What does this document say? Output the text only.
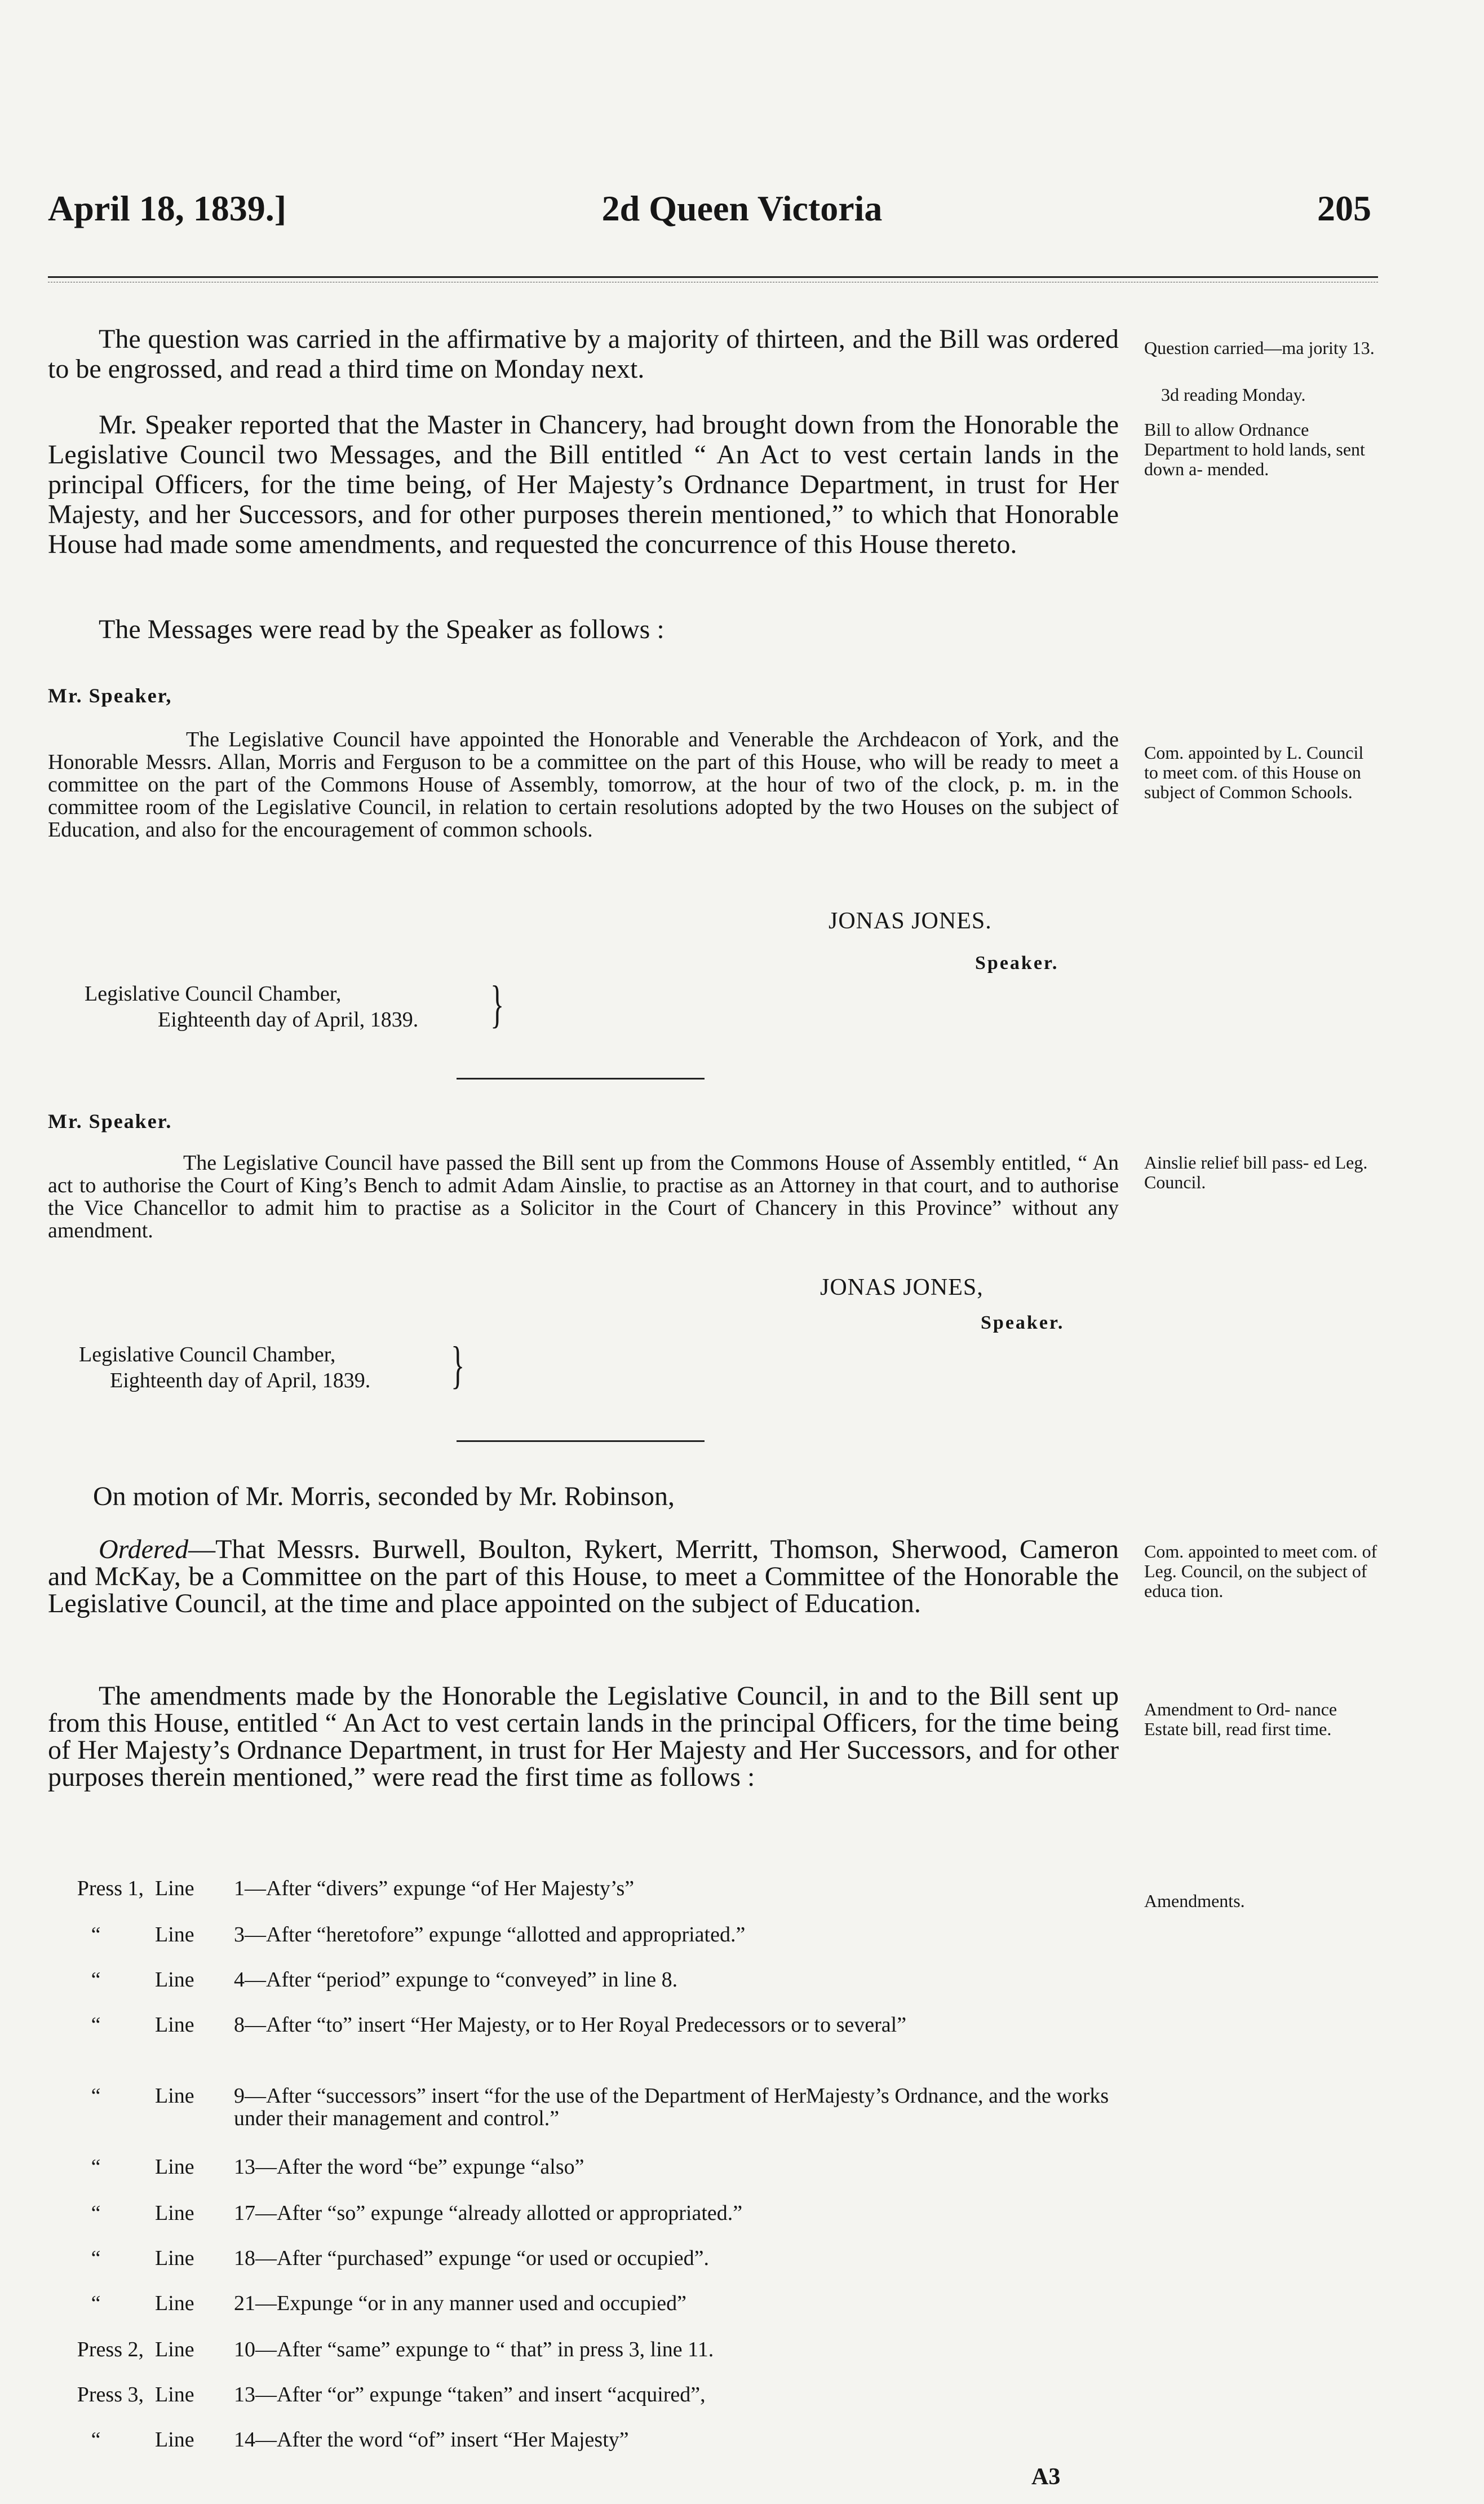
April 18, 1839.]	2d Queen Victoria	205

The question was carried in the affirmative by a majority of thirteen, and the Bill was ordered to be engrossed, and read a third time on Monday next.

Mr. Speaker reported that the Master in Chancery, had brought down from the Honorable the Legislative Council two Messages, and the Bill entitled “ An Act to vest certain lands in the principal Officers, for the time being, of Her Majesty’s Ordnance Department, in trust for Her Majesty, and her Successors, and for other purposes therein mentioned,” to which that Honorable House had made some amendments, and requested the concurrence of this House thereto.

The Messages were read by the Speaker as follows :

Mr. Speaker,

The Legislative Council have appointed the Honorable and Venerable the Archdeacon of York, and the Honorable Messrs. Allan, Morris and Ferguson to be a committee on the part of this House, who will be ready to meet a committee on the part of the Commons House of Assembly, tomorrow, at the hour of two of the clock, p. m. in the committee room of the Legislative Council, in relation to certain resolutions adopted by the two Houses on the subject of Education, and also for the encouragement of common schools.

JONAS JONES.
Speaker.
Legislative Council Chamber,
Eighteenth day of April, 1839. }
Mr. Speaker.

The Legislative Council have passed the Bill sent up from the Commons House of Assembly entitled, “ An act to authorise the Court of King’s Bench to admit Adam Ainslie, to practise as an Attorney in that court, and to authorise the Vice Chancellor to admit him to practise as a Solicitor in the Court of Chancery in this Province” without any amendment.

JONAS JONES,
Speaker.
Legislative Council Chamber,
Eighteenth day of April, 1839. }

On motion of Mr. Morris, seconded by Mr. Robinson,

Ordered—That Messrs. Burwell, Boulton, Rykert, Merritt, Thomson, Sherwood, Cameron and McKay, be a Committee on the part of this House, to meet a Committee of the Honorable the Legislative Council, at the time and place appointed on the subject of Education.

The amendments made by the Honorable the Legislative Council, in and to the Bill sent up from this House, entitled “ An Act to vest certain lands in the principal Officers, for the time being of Her Majesty’s Ordnance Department, in trust for Her Majesty and Her Successors, and for other purposes therein mentioned,” were read the first time as follows :

Press 1, Line 1—After “divers” expunge “of Her Majesty’s”
“	Line 3—After “heretofore” expunge “allotted and appropriated.”
“	Line 4—After “period” expunge to “conveyed” in line 8.
“	Line 8—After “to” insert “Her Majesty, or to Her Royal Predecessors or to several”
“	Line 9—After “successors” insert “for the use of the Department of HerMajesty’s Ordnance, and the works under their management and control.”
“	Line 13—After the word “be” expunge “also”
“	Line 17—After “so” expunge “already allotted or appropriated.”
“	Line 18—After “purchased” expunge “or used or occupied”.
“	Line 21—Expunge “or in any manner used and occupied”
Press 2, Line 10—After “same” expunge to “ that” in press 3, line 11.
Press 3, Line 13—After “or” expunge “taken” and insert “acquired”,
“	Line 14—After the word “of” insert “Her Majesty”
Question carried—ma jority 13.
3d reading Monday.
Bill to allow Ordnance Department to hold lands, sent down a- mended.
Com. appointed by L. Council to meet com. of this House on subject of Common Schools.
Ainslie relief bill pass- ed Leg. Council.
Com. appointed to meet com. of Leg. Council, on the subject of educa tion.
Amendment to Ord- nance Estate bill, read first time.
Amendments.
A3
